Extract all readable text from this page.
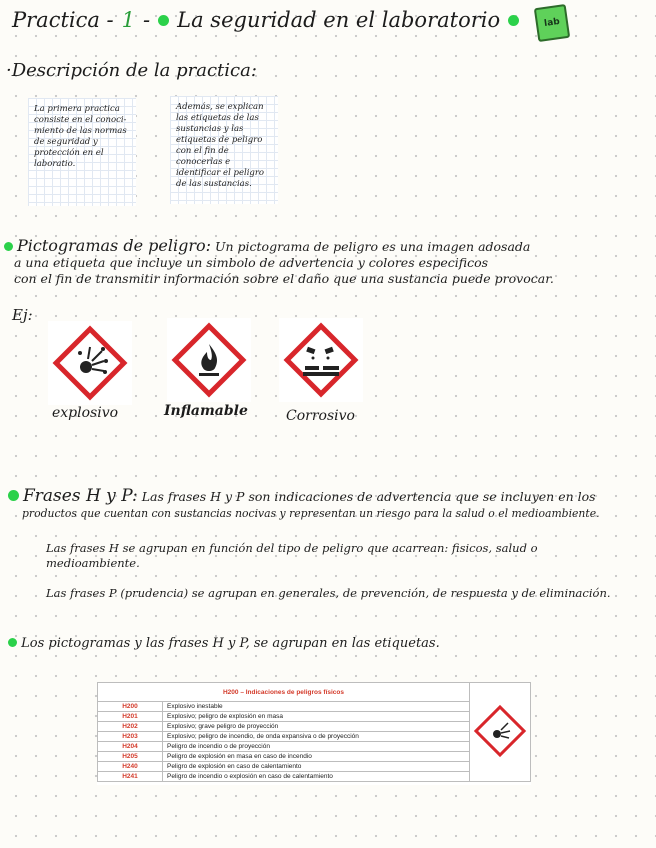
Practica - 1 - La seguridad en el laboratorio	lab
·Descripción de la practica:
La primera practica consiste en el conoci- miento de las normas de seguridad y protección en el laboratio.
Además, se explican las etiquetas de las sustancias y las etiquetas de peligro con el fin de conocerlas e identificar el peligro de las sustancias.
Pictogramas de peligro: Un pictograma de peligro es una imagen adosada
a una etiqueta que incluye un simbolo de advertencia y colores especificos
con el fin de transmitir información sobre el daño que una sustancia puede provocar.
Ej:
explosivo	Inflamable	Corrosivo
Frases H y P: Las frases H y P son indicaciones de advertencia que se incluyen en los
productos que cuentan con sustancias nocivas y representan un riesgo para la salud o el medioambiente.
Las frases H se agrupan en función del tipo de peligro que acarrean: fisicos, salud o
medioambiente.
Las frases P (prudencia) se agrupan en generales, de prevención, de respuesta y de eliminación.
Los pictogramas y las frases H y P, se agrupan en las etiquetas.
H200 – Indicaciones de peligros físicos	
H200	Explosivo inestable	
H201	Explosivo; peligro de explosión en masa	
H202	Explosivo; grave peligro de proyección	
H203	Explosivo; peligro de incendio, de onda expansiva o de proyección	
H204	Peligro de incendio o de proyección	
H205	Peligro de explosión en masa en caso de incendio	
H240	Peligro de explosión en caso de calentamiento	
H241	Peligro de incendio o explosión en caso de calentamiento	
